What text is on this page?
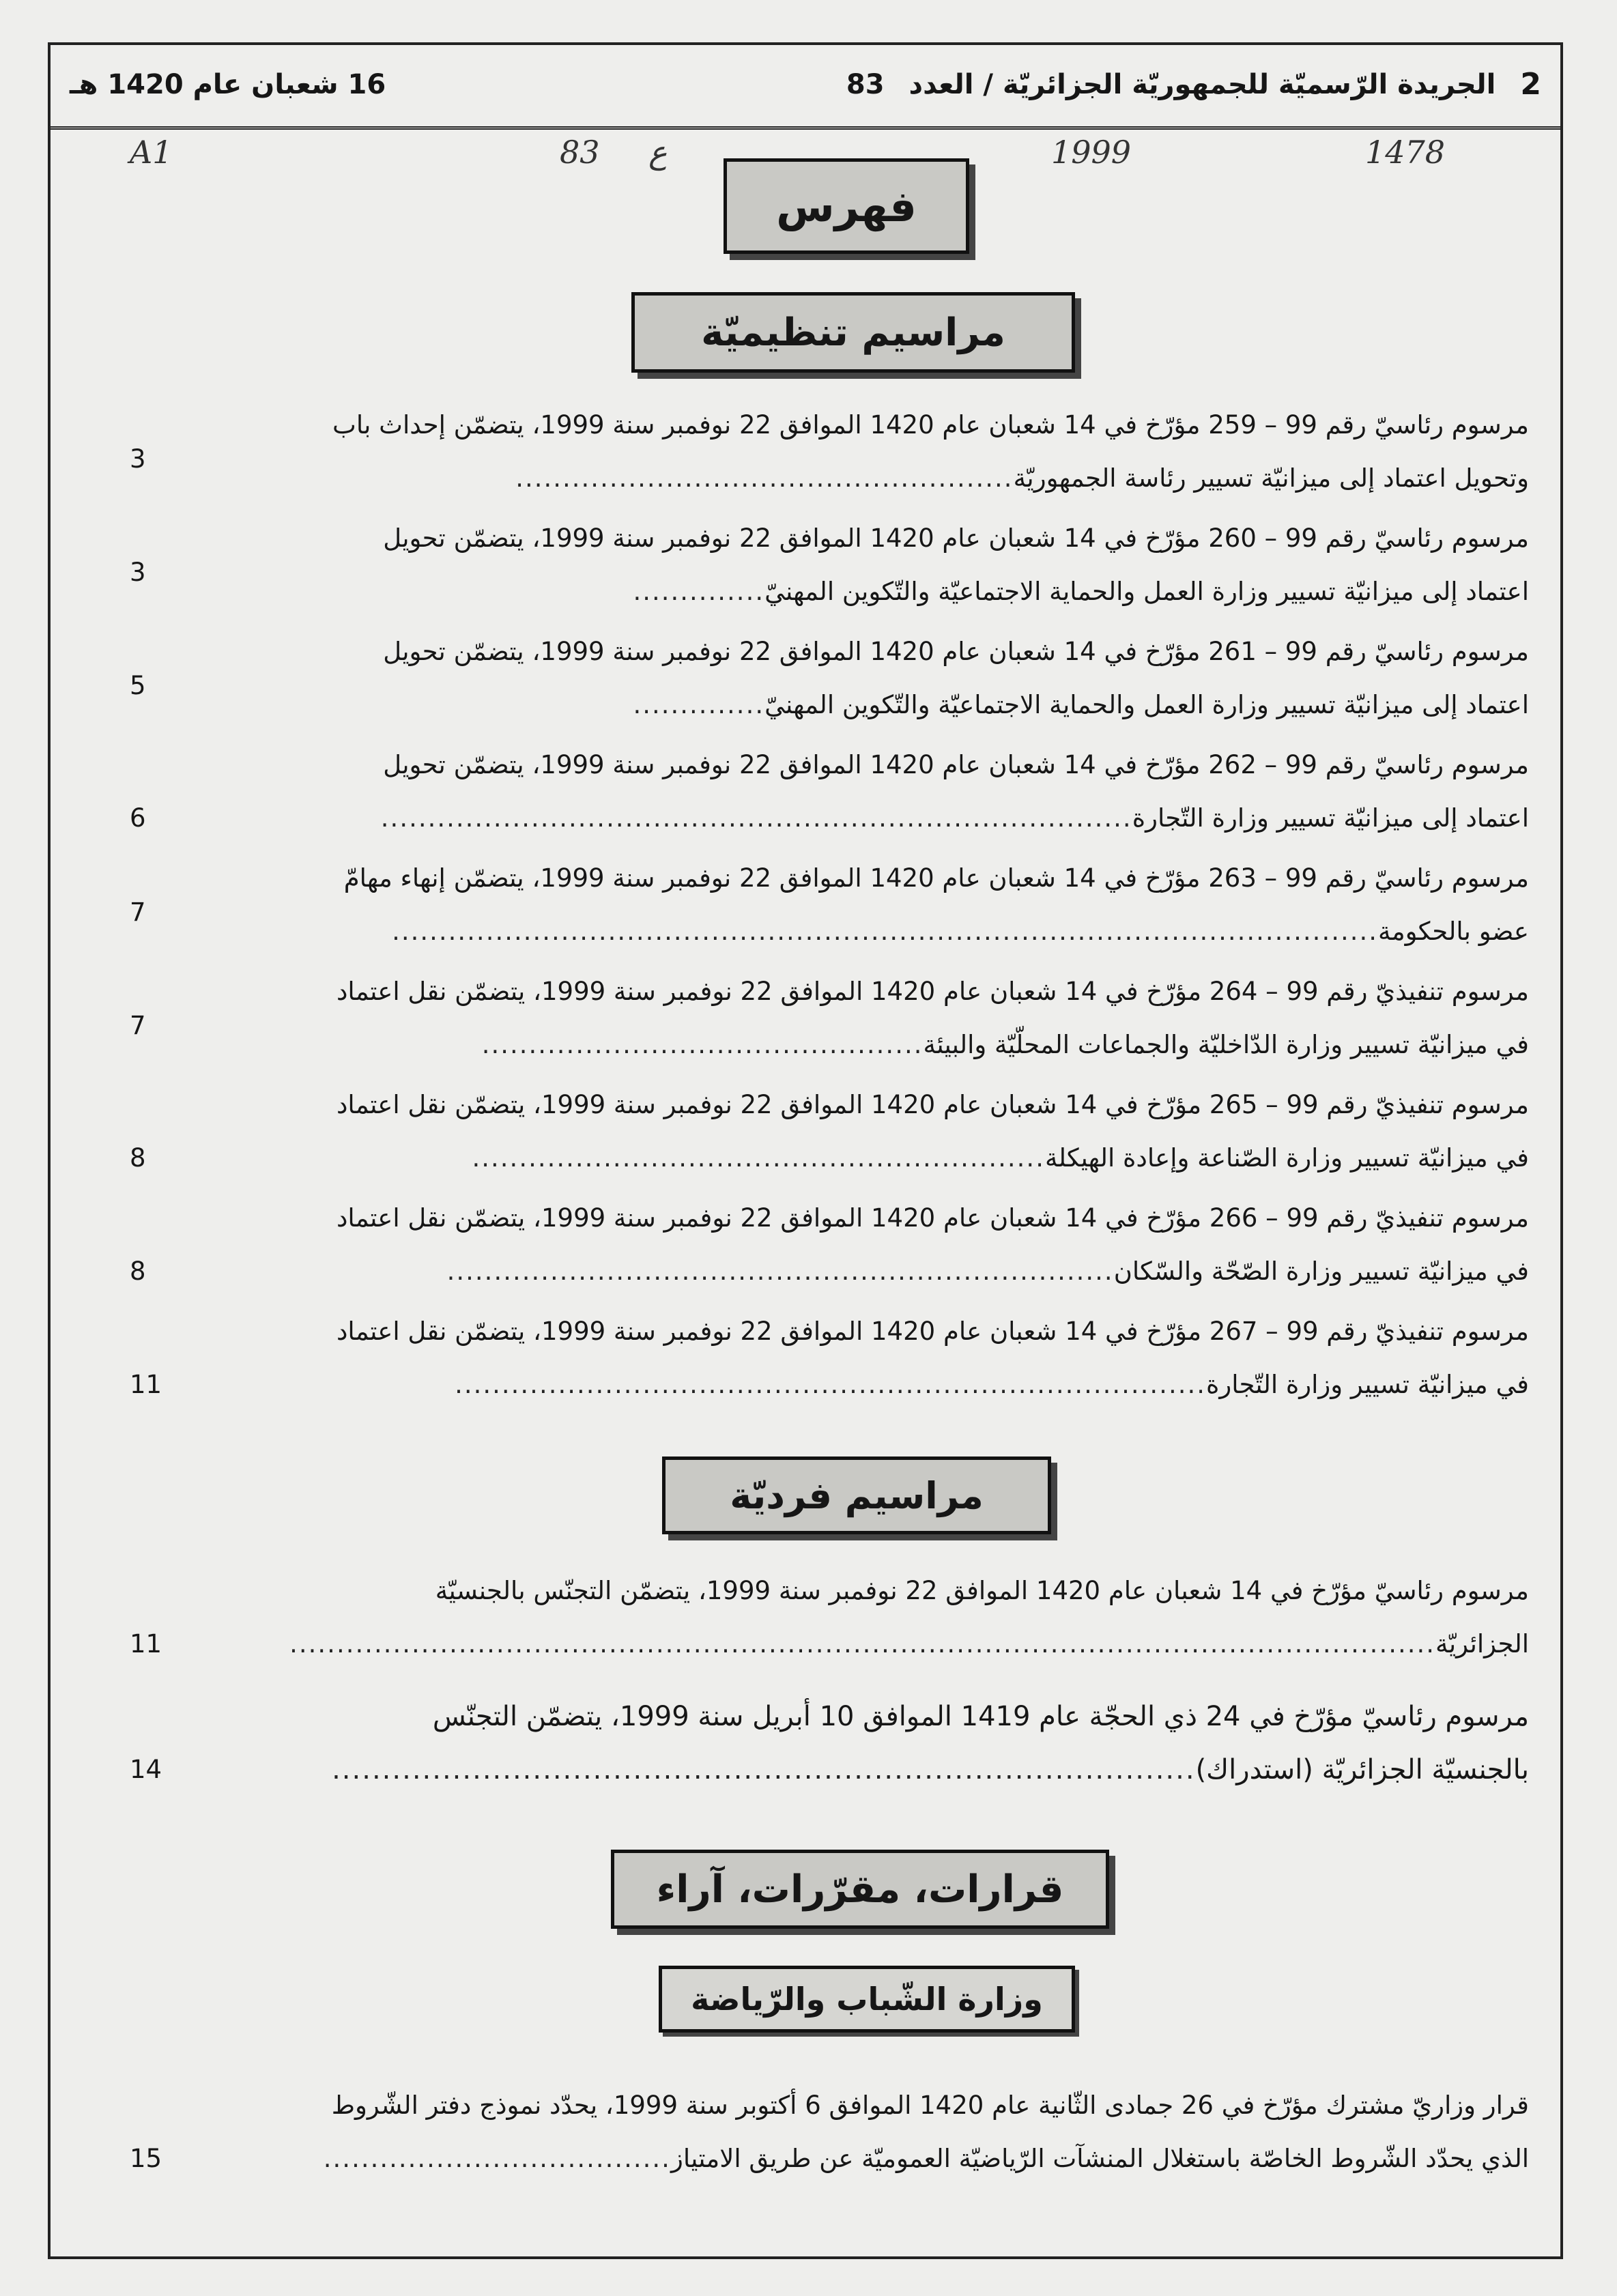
2
الجريدة الرّسميّة للجمهوريّة الجزائريّة / العدد
83
16 شعبان عام 1420 هـ
A1	83 ع	1999	1478
فهرس
مراسيم تنظيميّة
مرسوم رئاسيّ رقم 99 – 259 مؤرّخ في 14 شعبان عام 1420 الموافق 22 نوفمبر سنة 1999، يتضمّن إحداث باب
وتحويل اعتماد إلى ميزانيّة تسيير رئاسة الجمهوريّة.....................................................
3
مرسوم رئاسيّ رقم 99 – 260 مؤرّخ في 14 شعبان عام 1420 الموافق 22 نوفمبر سنة 1999، يتضمّن تحويل
اعتماد إلى ميزانيّة تسيير وزارة العمل والحماية الاجتماعيّة والتّكوين المهنيّ..............
3
مرسوم رئاسيّ رقم 99 – 261 مؤرّخ في 14 شعبان عام 1420 الموافق 22 نوفمبر سنة 1999، يتضمّن تحويل
اعتماد إلى ميزانيّة تسيير وزارة العمل والحماية الاجتماعيّة والتّكوين المهنيّ..............
5
مرسوم رئاسيّ رقم 99 – 262 مؤرّخ في 14 شعبان عام 1420 الموافق 22 نوفمبر سنة 1999، يتضمّن تحويل
اعتماد إلى ميزانيّة تسيير وزارة التّجارة................................................................................
6
مرسوم رئاسيّ رقم 99 – 263 مؤرّخ في 14 شعبان عام 1420 الموافق 22 نوفمبر سنة 1999، يتضمّن إنهاء مهامّ
عضو بالحكومة.........................................................................................................
7
مرسوم تنفيذيّ رقم 99 – 264 مؤرّخ في 14 شعبان عام 1420 الموافق 22 نوفمبر سنة 1999، يتضمّن نقل اعتماد
في ميزانيّة تسيير وزارة الدّاخليّة والجماعات المحلّيّة والبيئة...............................................
7
مرسوم تنفيذيّ رقم 99 – 265 مؤرّخ في 14 شعبان عام 1420 الموافق 22 نوفمبر سنة 1999، يتضمّن نقل اعتماد
في ميزانيّة تسيير وزارة الصّناعة وإعادة الهيكلة.............................................................
8
مرسوم تنفيذيّ رقم 99 – 266 مؤرّخ في 14 شعبان عام 1420 الموافق 22 نوفمبر سنة 1999، يتضمّن نقل اعتماد
في ميزانيّة تسيير وزارة الصّحّة والسّكان.......................................................................
8
مرسوم تنفيذيّ رقم 99 – 267 مؤرّخ في 14 شعبان عام 1420 الموافق 22 نوفمبر سنة 1999، يتضمّن نقل اعتماد
في ميزانيّة تسيير وزارة التّجارة................................................................................
11
مراسيم فرديّة
مرسوم رئاسيّ مؤرّخ في 14 شعبان عام 1420 الموافق 22 نوفمبر سنة 1999، يتضمّن التجنّس بالجنسيّة
الجزائريّة..........................................................................................................................
11
مرسوم رئاسيّ مؤرّخ في 24 ذي الحجّة عام 1419 الموافق 10 أبريل سنة 1999، يتضمّن التجنّس
بالجنسيّة الجزائريّة (استدراك)......................................................................................
14
قرارات، مقرّرات، آراء
وزارة الشّباب والرّياضة
قرار وزاريّ مشترك مؤرّخ في 26 جمادى الثّانية عام 1420 الموافق 6 أكتوبر سنة 1999، يحدّد نموذج دفتر الشّروط
الذي يحدّد الشّروط الخاصّة باستغلال المنشآت الرّياضيّة العموميّة عن طريق الامتياز.....................................
15
